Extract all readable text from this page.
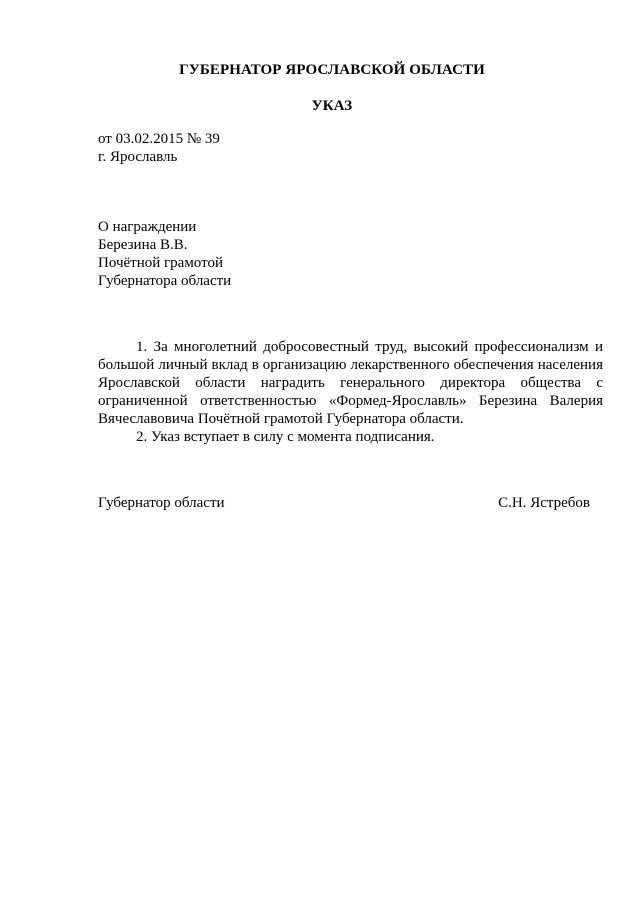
ГУБЕРНАТОР ЯРОСЛАВСКОЙ ОБЛАСТИ
УКАЗ
от 03.02.2015 № 39
г. Ярославль
О награждении
Березина В.В.
Почётной грамотой
Губернатора области

1. За многолетний добросовестный труд, высокий профессионализм и большой личный вклад в организацию лекарственного обеспечения населения Ярославской области наградить генерального директора общества с ограниченной ответственностью «Формед-Ярославль» Березина Валерия Вячеславовича Почётной грамотой Губернатора области.

2. Указ вступает в силу с момента подписания.

Губернатор области	С.Н. Ястребов
